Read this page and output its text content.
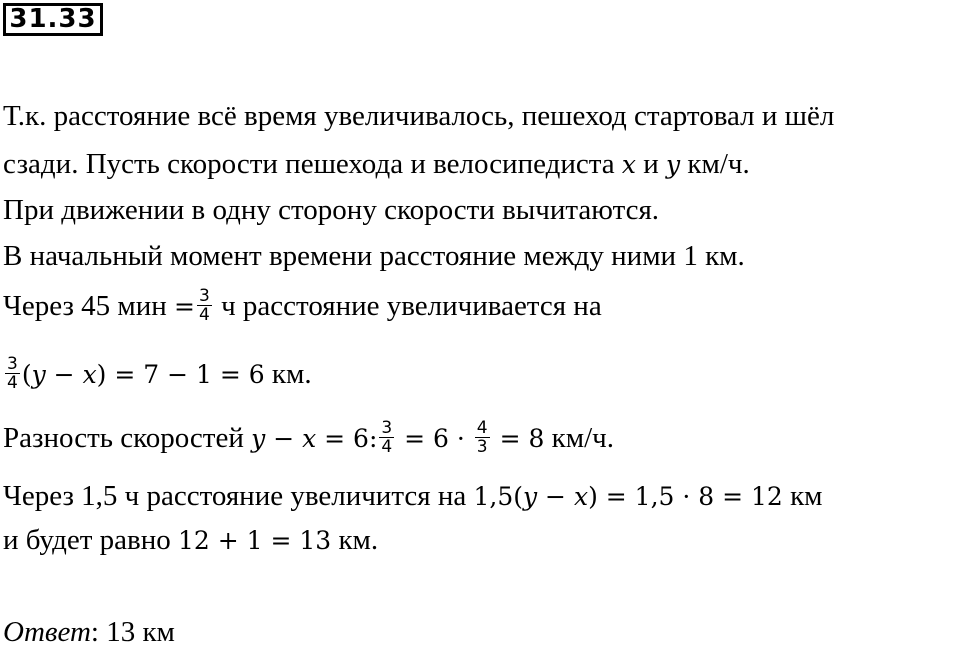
31.33
Т.к. расстояние всё время увеличивалось, пешеход стартовал и шёл
сзади. Пусть скорости пешехода и велосипедиста x и y км/ч.
При движении в одну сторону скорости вычитаются.
В начальный момент времени расстояние между ними 1 км.
Через 45 мин = $\frac{3}{4}$ ч расстояние увеличивается на
$\frac{3}{4} (y - x) = 7 - 1 = 6$ км.
Разность скоростей y − x = 6: $\frac{3}{4} = 6 \cdot \frac{4}{3} = 8$ км/ч.
Через 1,5 ч расстояние увеличится на 1,5(y − x) = 1,5 · 8 = 12 км
и будет равно 12 + 1 = 13 км.
Ответ: 13 км
